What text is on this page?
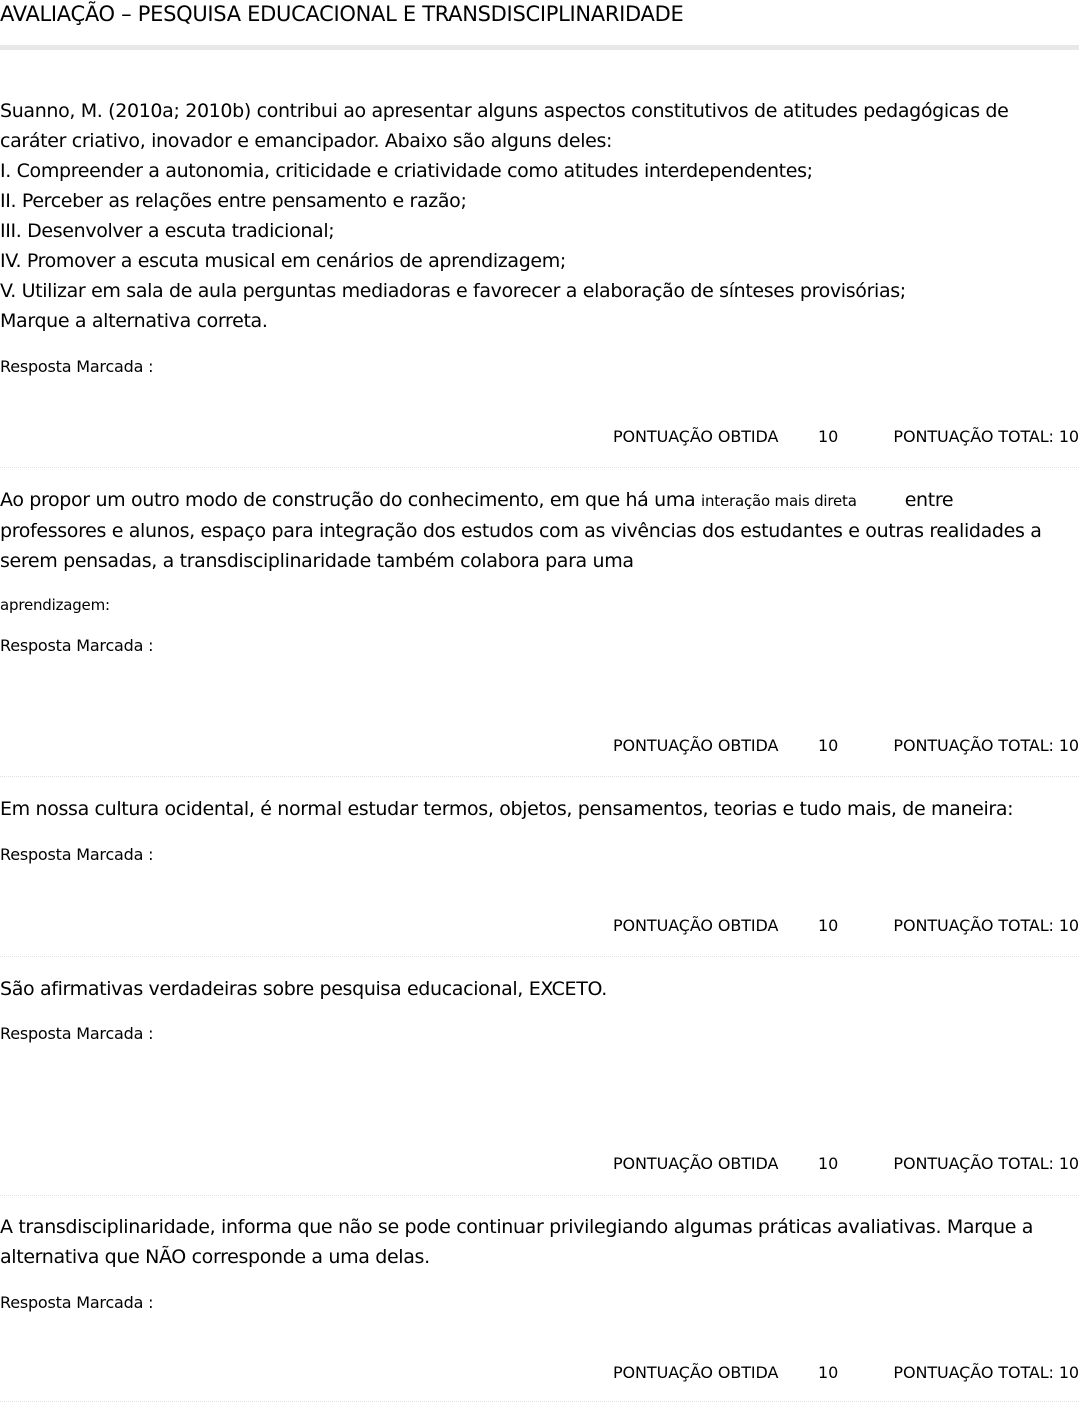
AVALIAÇÃO – PESQUISA EDUCACIONAL E TRANSDISCIPLINARIDADE
Suanno, M. (2010a; 2010b) contribui ao apresentar alguns aspectos constitutivos de atitudes pedagógicas de
caráter criativo, inovador e emancipador. Abaixo são alguns deles:
I. Compreender a autonomia, criticidade e criatividade como atitudes interdependentes;
II. Perceber as relações entre pensamento e razão;
III. Desenvolver a escuta tradicional;
IV. Promover a escuta musical em cenários de aprendizagem;
V. Utilizar em sala de aula perguntas mediadoras e favorecer a elaboração de sínteses provisórias;
Marque a alternativa correta.
Resposta Marcada :
PONTUAÇÃO OBTIDA 10	PONTUAÇÃO TOTAL: 10
Ao propor um outro modo de construção do conhecimento, em que há uma interação mais direta	entre
professores e alunos, espaço para integração dos estudos com as vivências dos estudantes e outras realidades a
serem pensadas, a transdisciplinaridade também colabora para uma
aprendizagem:
Resposta Marcada :
PONTUAÇÃO OBTIDA 10	PONTUAÇÃO TOTAL: 10
Em nossa cultura ocidental, é normal estudar termos, objetos, pensamentos, teorias e tudo mais, de maneira:
Resposta Marcada :
PONTUAÇÃO OBTIDA 10	PONTUAÇÃO TOTAL: 10
São afirmativas verdadeiras sobre pesquisa educacional, EXCETO.
Resposta Marcada :
PONTUAÇÃO OBTIDA 10	PONTUAÇÃO TOTAL: 10
A transdisciplinaridade, informa que não se pode continuar privilegiando algumas práticas avaliativas. Marque a
alternativa que NÃO corresponde a uma delas.
Resposta Marcada :
PONTUAÇÃO OBTIDA 10	PONTUAÇÃO TOTAL: 10
